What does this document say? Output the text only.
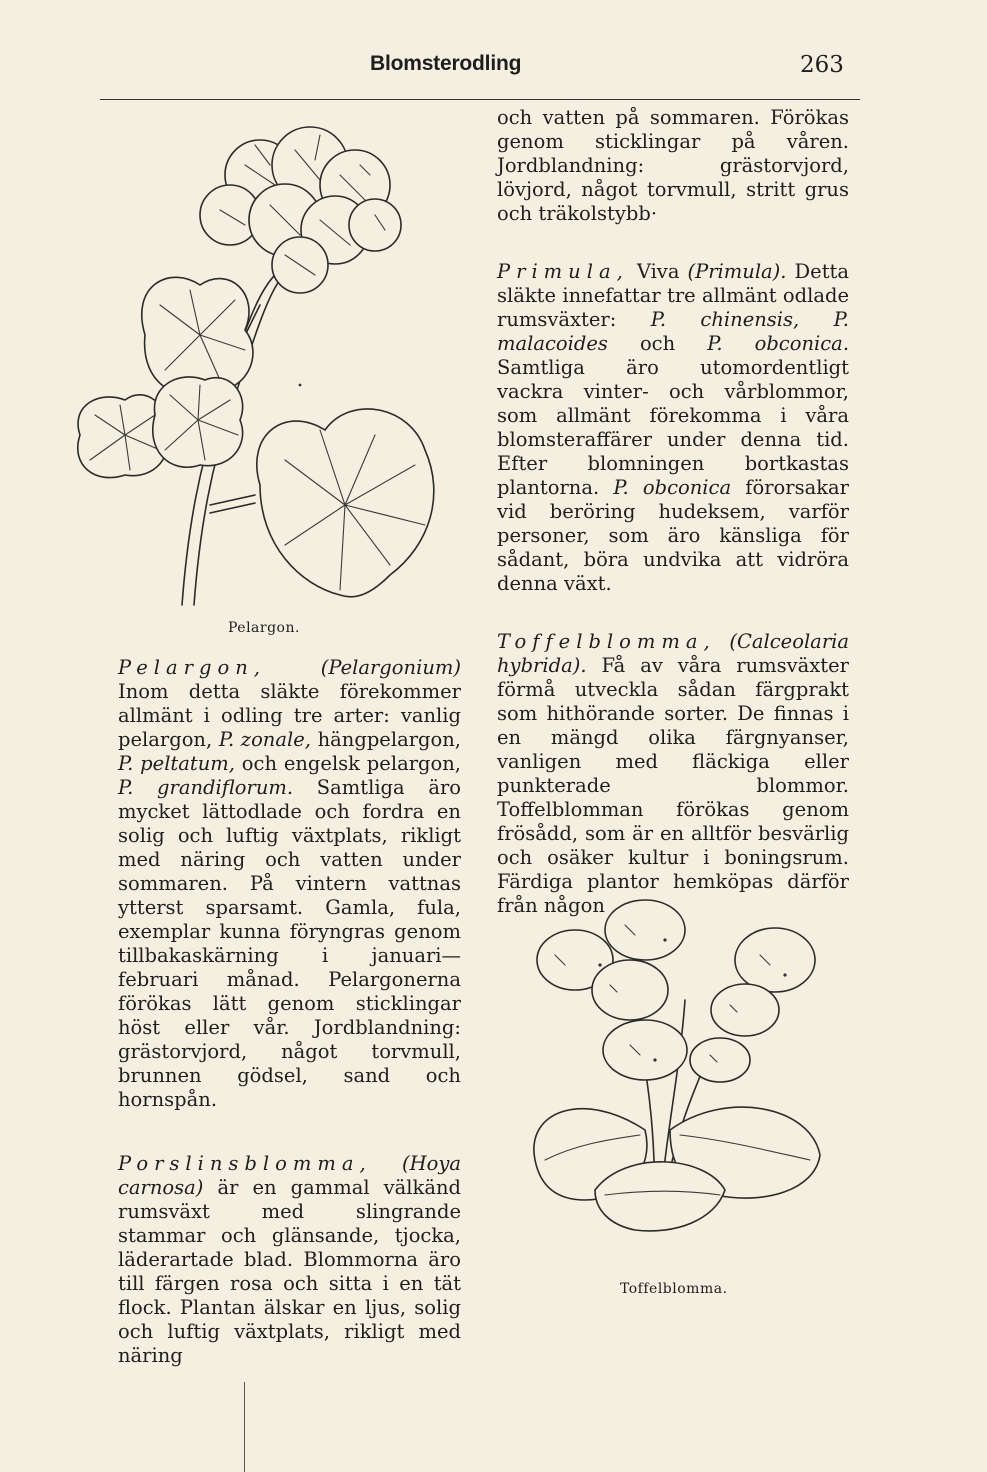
Blomsterodling	263
Pelargon.

Pelargon,	(Pelargonium) Inom detta släkte förekommer allmänt i odling tre arter: vanlig pelargon, P. zonale, hängpelargon, P. peltatum, och engelsk pelargon, P. grandiflorum. Samtliga äro mycket lättodlade och fordra en solig och luftig växtplats, rikligt med näring och vatten under sommaren. På vintern vattnas ytterst sparsamt. Gamla, fula, exemplar kunna föryngras genom tillbakaskärning i januari—februari månad. Pelargonerna förökas lätt genom sticklingar höst eller vår. Jordblandning: grästorvjord, något torvmull, brunnen gödsel, sand och hornspån.

Porslinsblomma, (Hoya carnosa) är en gammal välkänd rumsväxt med slingrande stammar och glänsande, tjocka, läderartade blad. Blommorna äro till färgen rosa och sitta i en tät flock. Plantan älskar en ljus, solig och luftig växtplats, rikligt med näring

och vatten på sommaren. Förökas genom sticklingar på våren. Jordblandning: grästorvjord, lövjord, något torvmull, stritt grus och träkolstybb·

Primula, Viva (Primula). Detta släkte innefattar tre allmänt odlade rumsväxter: P. chinensis, P. malacoides och P. obconica. Samtliga äro utomordentligt vackra vinter- och vårblommor, som allmänt förekomma i våra blomsteraffärer under denna tid. Efter blomningen bortkastas plantorna. P. obconica förorsakar vid beröring hudeksem, varför personer, som äro känsliga för sådant, böra undvika att vidröra denna växt.

Toffelblomma, (Calceolaria hybrida). Få av våra rumsväxter förmå utveckla sådan färgprakt som hithörande sorter. De finnas i en mängd olika färgnyanser, vanligen med fläckiga eller punkterade blommor. Toffelblomman förökas genom frösådd, som är en alltför besvärlig och osäker kultur i boningsrum. Färdiga plantor hemköpas därför från någon

Toffelblomma.
